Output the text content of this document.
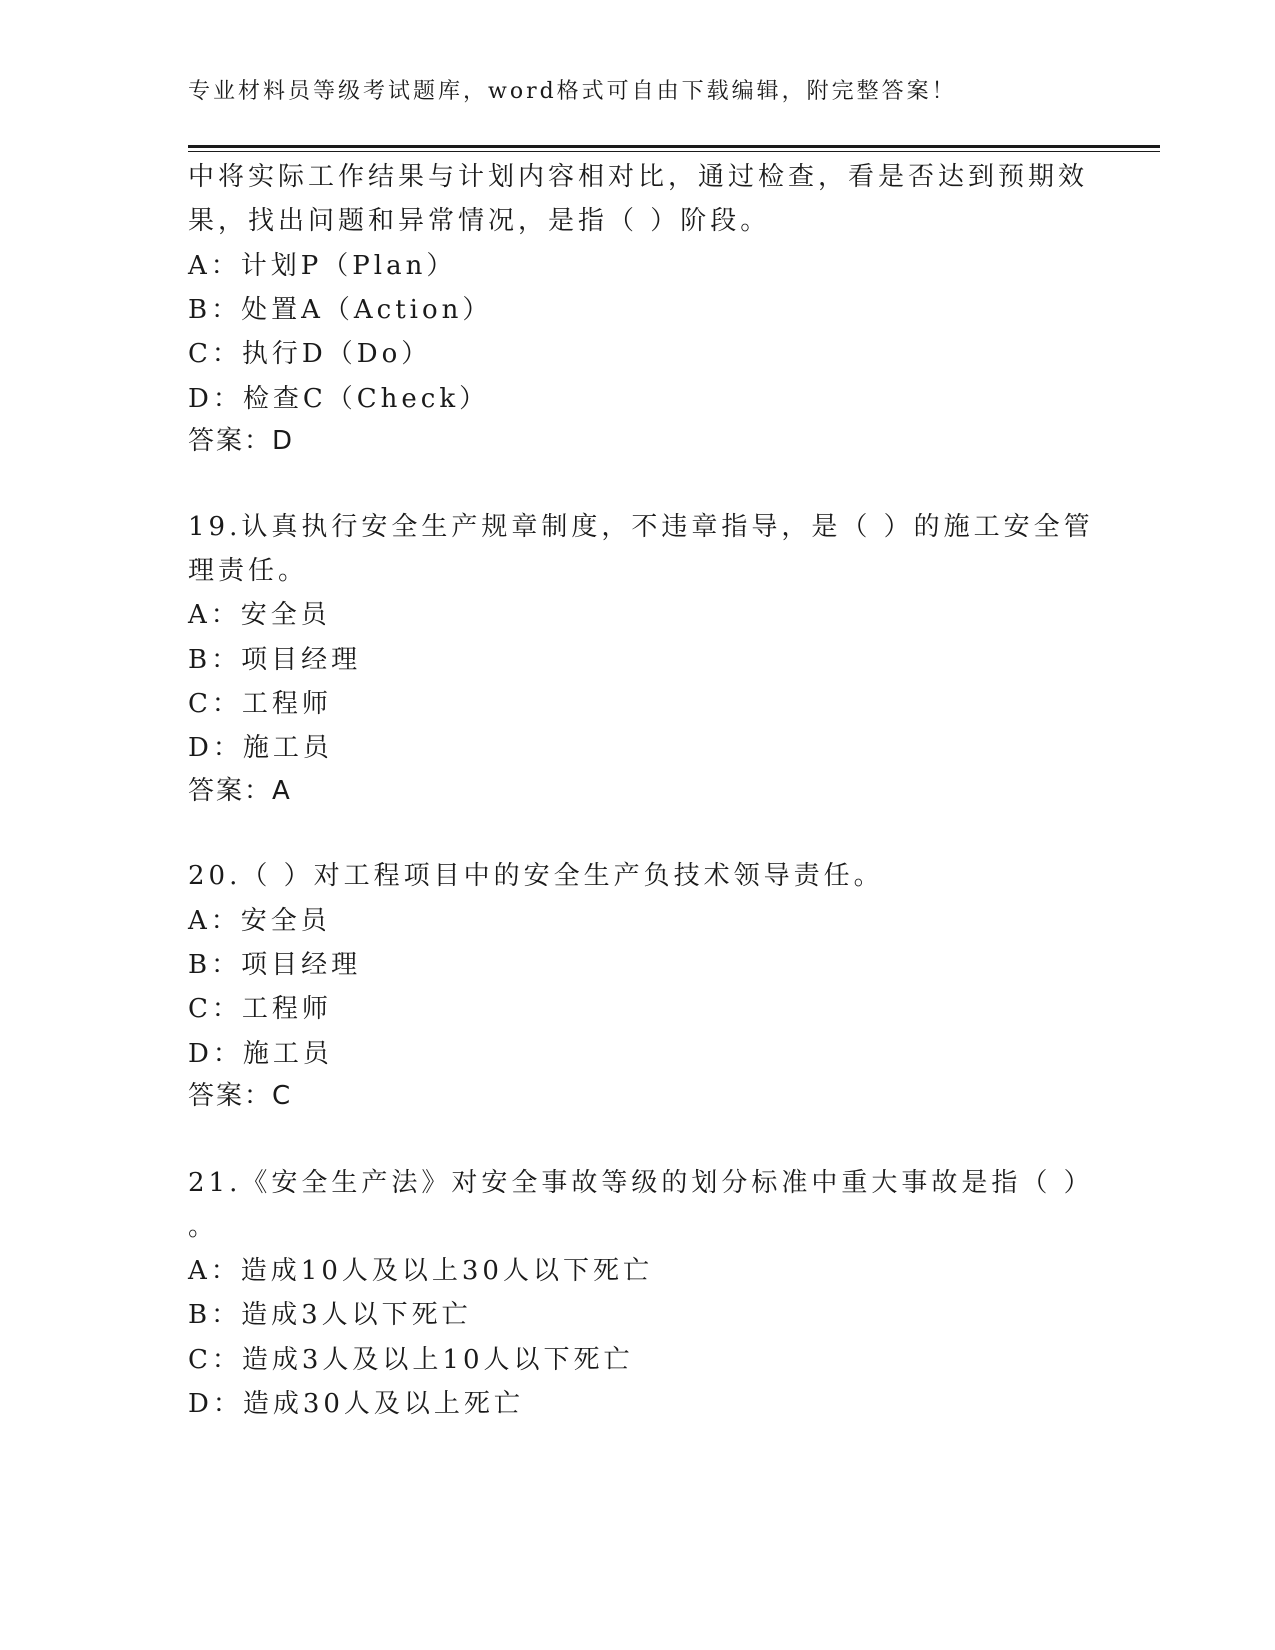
专业材料员等级考试题库，word格式可自由下载编辑，附完整答案！
中将实际工作结果与计划内容相对比，通过检查，看是否达到预期效
果，找出问题和异常情况，是指（ ）阶段。
A：计划P（Plan）
B：处置A（Action）
C：执行D（Do）
D：检查C（Check）
答案：D
19.认真执行安全生产规章制度，不违章指导，是（ ）的施工安全管
理责任。
A：安全员
B：项目经理
C：工程师
D：施工员
答案：A
20.（ ）对工程项目中的安全生产负技术领导责任。
A：安全员
B：项目经理
C：工程师
D：施工员
答案：C
21.《安全生产法》对安全事故等级的划分标准中重大事故是指（ ）
。
A：造成10人及以上30人以下死亡
B：造成3人以下死亡
C：造成3人及以上10人以下死亡
D：造成30人及以上死亡
